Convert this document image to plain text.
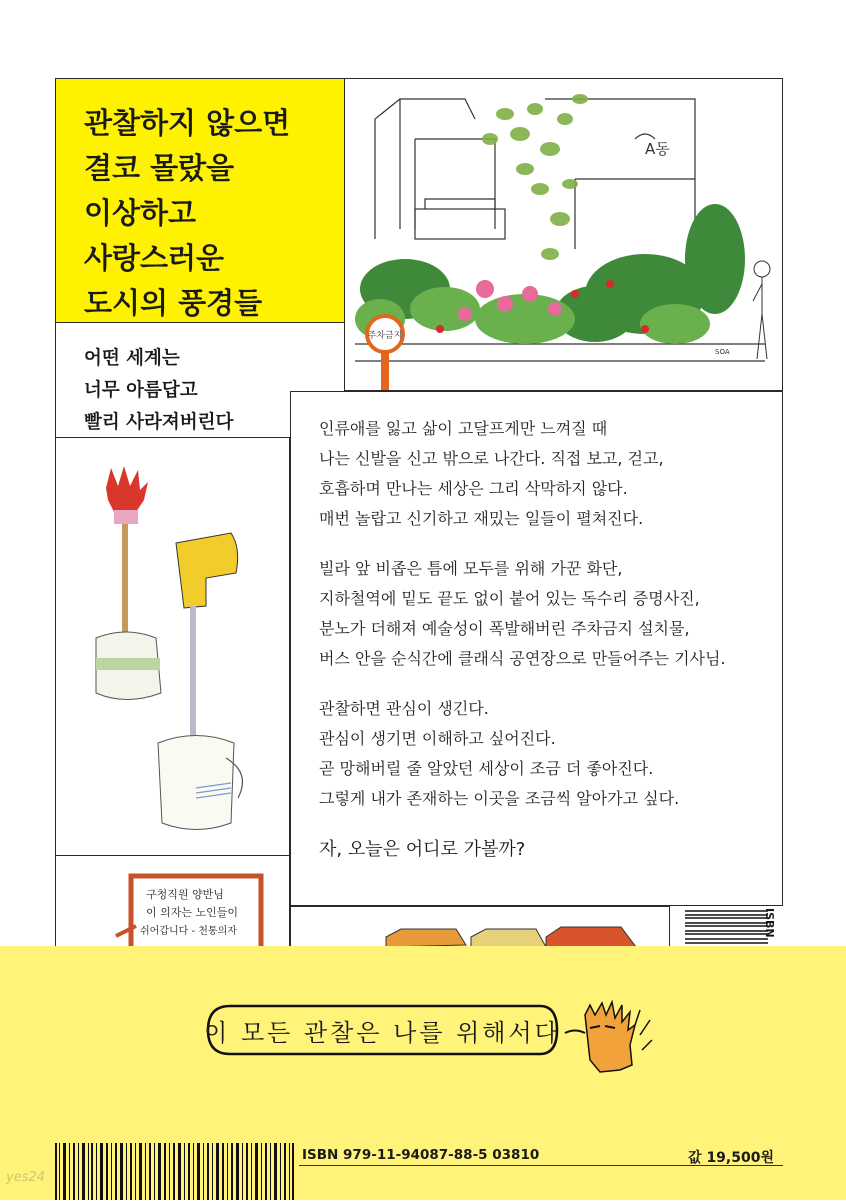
관찰하지 않으면
결코 몰랐을
이상하고
사랑스러운
도시의 풍경들
어떤 세계는
너무 아름답고
빨리 사라져버린다
A동
주차금지
SOA
구청직원 양반님
이 의자는 노인들이
쉬어갑니다 - 천통의자
인류애를 잃고 삶이 고달프게만 느껴질 때
나는 신발을 신고 밖으로 나간다. 직접 보고, 걷고,
호흡하며 만나는 세상은 그리 삭막하지 않다.
매번 놀랍고 신기하고 재밌는 일들이 펼쳐진다.
빌라 앞 비좁은 틈에 모두를 위해 가꾼 화단,
지하철역에 밑도 끝도 없이 붙어 있는 독수리 증명사진,
분노가 더해져 예술성이 폭발해버린 주차금지 설치물,
버스 안을 순식간에 클래식 공연장으로 만들어주는 기사님.
관찰하면 관심이 생긴다.
관심이 생기면 이해하고 싶어진다.
곧 망해버릴 줄 알았던 세상이 조금 더 좋아진다.
그렇게 내가 존재하는 이곳을 조금씩 알아가고 싶다.
자, 오늘은 어디로 가볼까?
ISBN
이 모든 관찰은 나를 위해서다
ISBN 979-11-94087-88-5 03810	값 19,500원
yes24
